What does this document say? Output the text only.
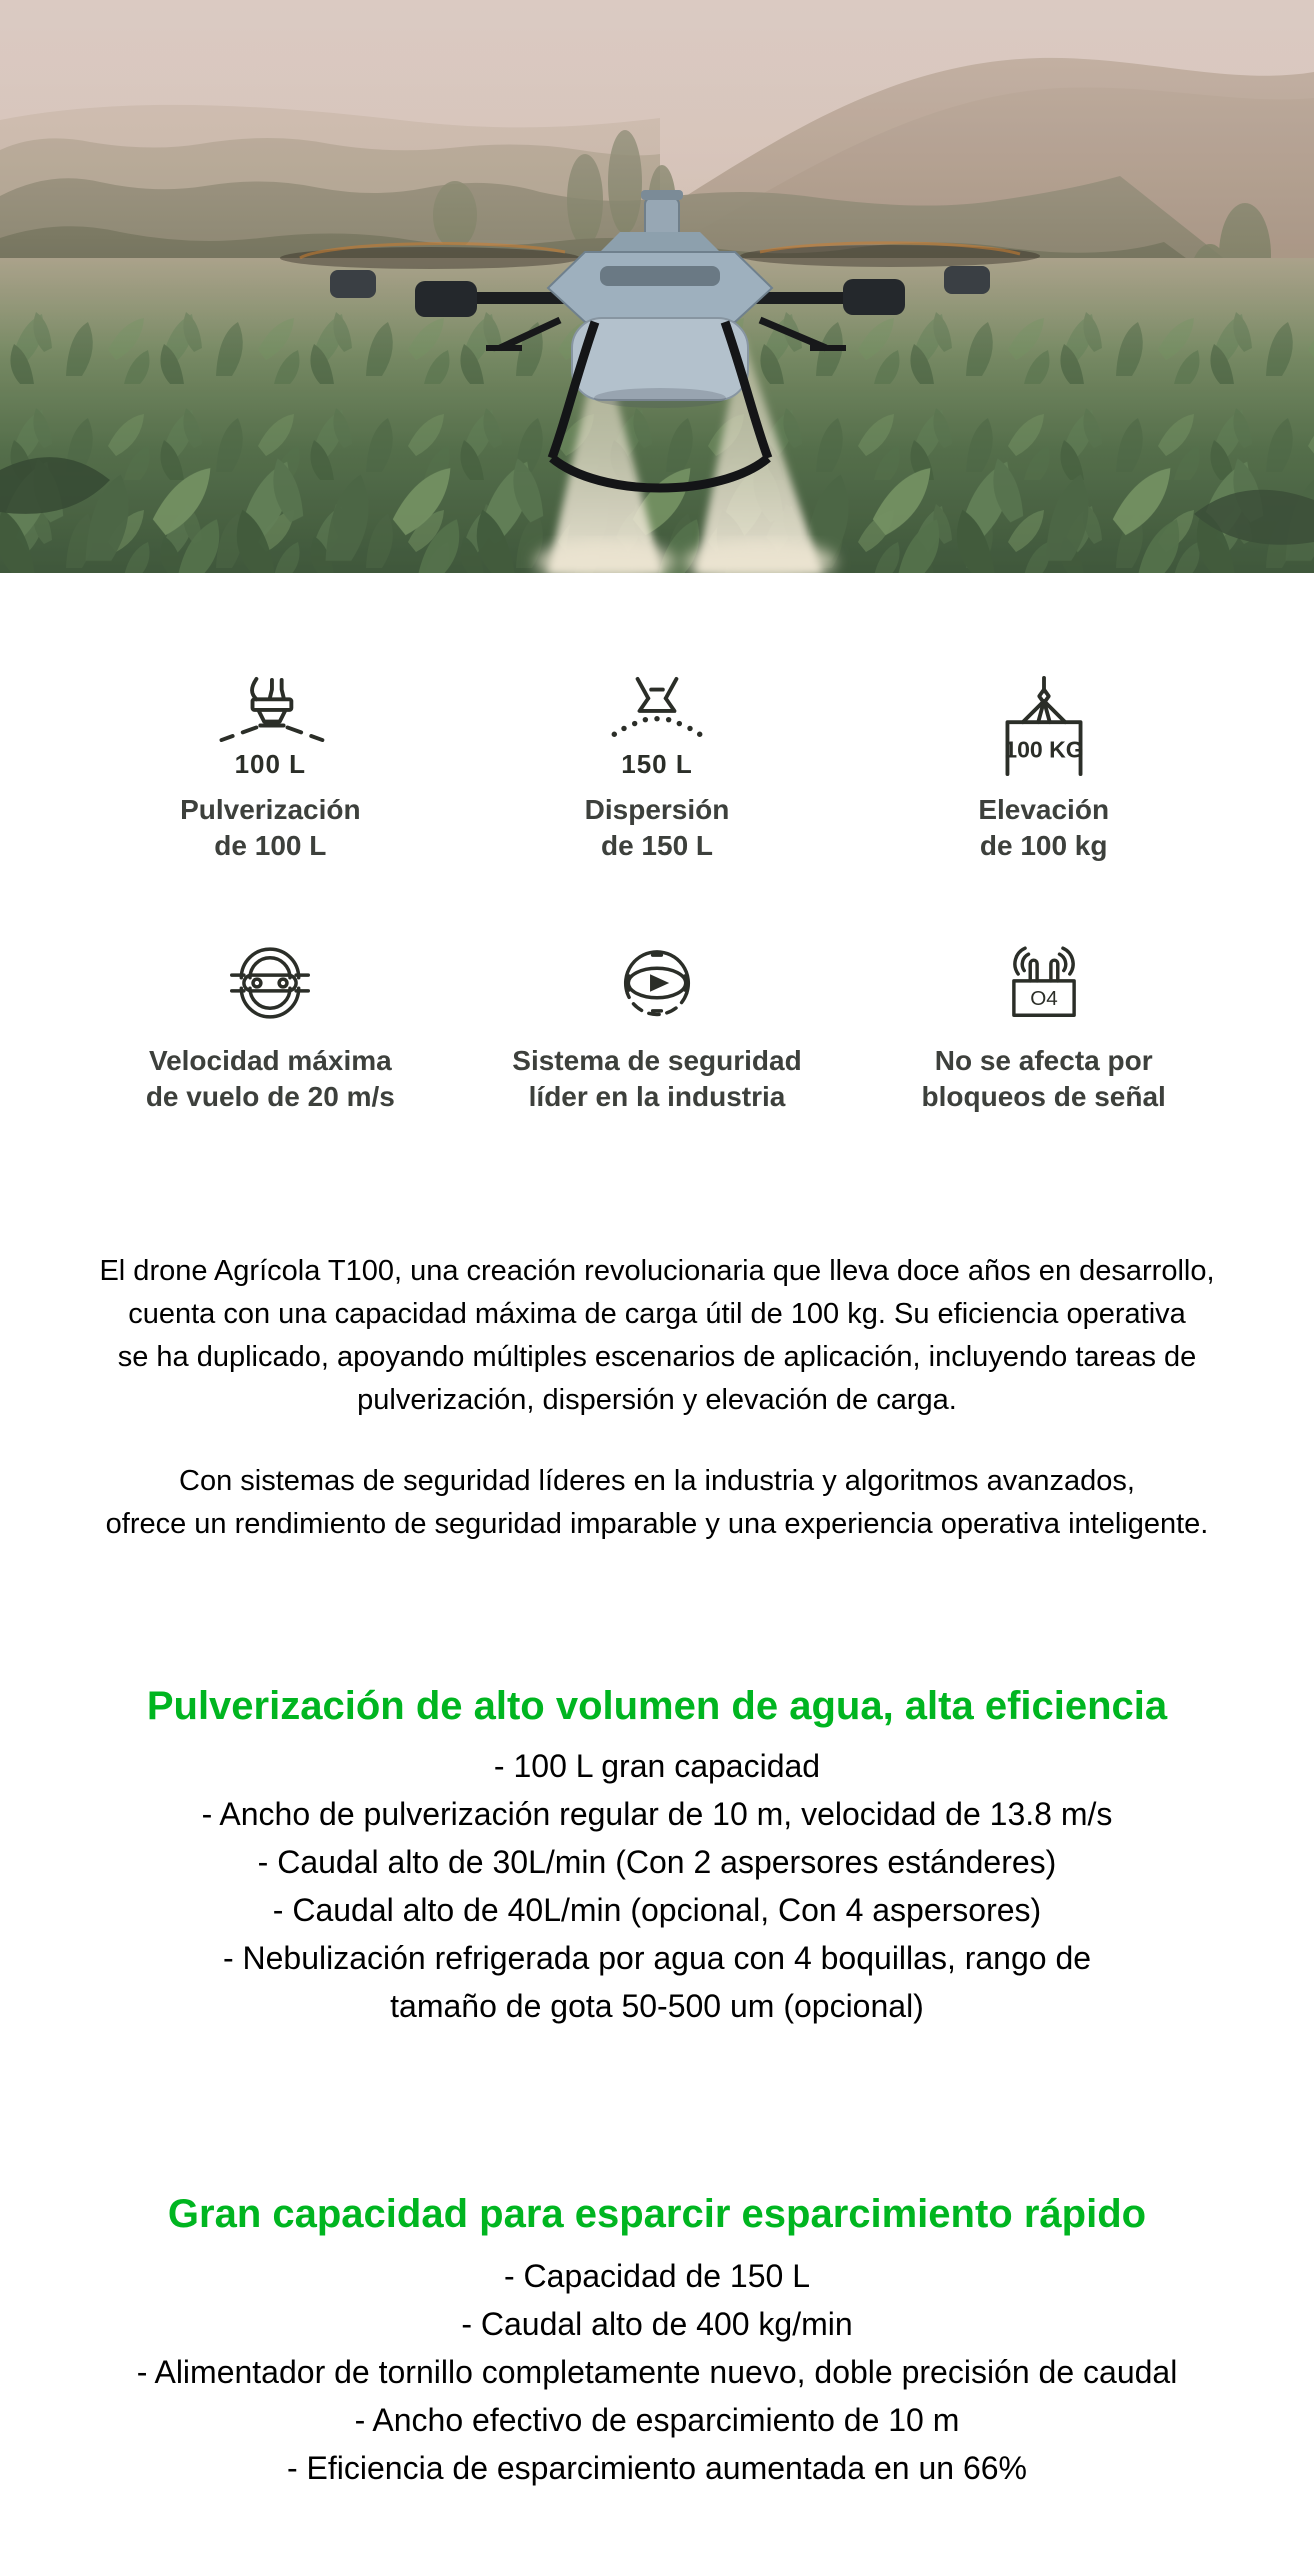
100 L
Pulverización
de 100 L
150 L
Dispersión
de 150 L
100 KG
Elevación
de 100 kg
Velocidad máxima
de vuelo de 20 m/s
Sistema de seguridad
líder en la industria
O4
No se afecta por
bloqueos de señal
El drone Agrícola T100, una creación revolucionaria que lleva doce años en desarrollo,
cuenta con una capacidad máxima de carga útil de 100 kg. Su eficiencia operativa
se ha duplicado, apoyando múltiples escenarios de aplicación, incluyendo tareas de
pulverización, dispersión y elevación de carga.
Con sistemas de seguridad líderes en la industria y algoritmos avanzados,
ofrece un rendimiento de seguridad imparable y una experiencia operativa inteligente.
Pulverización de alto volumen de agua, alta eficiencia
- 100 L gran capacidad
- Ancho de pulverización regular de 10 m, velocidad de 13.8 m/s
- Caudal alto de 30L/min (Con 2 aspersores estánderes)
- Caudal alto de 40L/min (opcional, Con 4 aspersores)
- Nebulización refrigerada por agua con 4 boquillas, rango de
tamaño de gota 50-500 um (opcional)
Gran capacidad para esparcir esparcimiento rápido
- Capacidad de 150 L
- Caudal alto de 400 kg/min
- Alimentador de tornillo completamente nuevo, doble precisión de caudal
- Ancho efectivo de esparcimiento de 10 m
- Eficiencia de esparcimiento aumentada en un 66%
